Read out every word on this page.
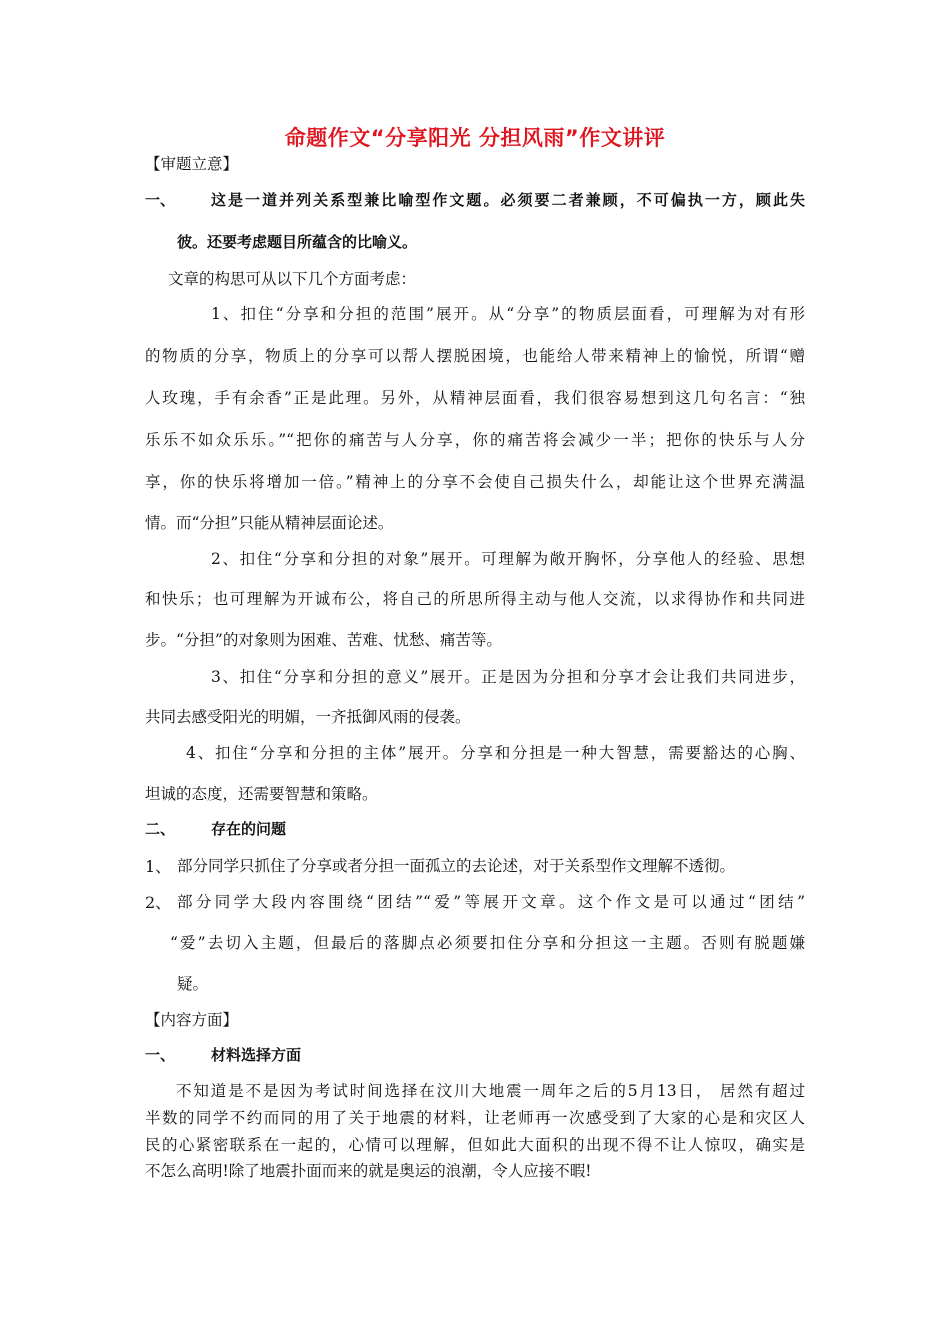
命题作文“分享阳光 分担风雨”作文讲评
【审题立意】
一、 这是一道并列关系型兼比喻型作文题。必须要二者兼顾，不可偏执一方，顾此失
彼。还要考虑题目所蕴含的比喻义。
文章的构思可从以下几个方面考虑：
1、扣住“分享和分担的范围”展开。从“分享”的物质层面看，可理解为对有形
的物质的分享，物质上的分享可以帮人摆脱困境，也能给人带来精神上的愉悦，所谓“赠
人玫瑰，手有余香”正是此理。另外，从精神层面看，我们很容易想到这几句名言：“独
乐乐不如众乐乐。”“把你的痛苦与人分享，你的痛苦将会减少一半；把你的快乐与人分
享，你的快乐将增加一倍。”精神上的分享不会使自己损失什么，却能让这个世界充满温
情。而“分担”只能从精神层面论述。
2、扣住“分享和分担的对象”展开。可理解为敞开胸怀，分享他人的经验、思想
和快乐；也可理解为开诚布公，将自己的所思所得主动与他人交流，以求得协作和共同进
步。“分担”的对象则为困难、苦难、忧愁、痛苦等。
3、扣住“分享和分担的意义”展开。正是因为分担和分享才会让我们共同进步，
共同去感受阳光的明媚，一齐抵御风雨的侵袭。
4、扣住“分享和分担的主体”展开。分享和分担是一种大智慧，需要豁达的心胸、
坦诚的态度，还需要智慧和策略。
二、 存在的问题
1、 部分同学只抓住了分享或者分担一面孤立的去论述，对于关系型作文理解不透彻。
2、 部分同学大段内容围绕“团结”“爱”等展开文章。这个作文是可以通过“团结”
“爱”去切入主题，但最后的落脚点必须要扣住分享和分担这一主题。否则有脱题嫌
疑。
【内容方面】
一、 材料选择方面
不知道是不是因为考试时间选择在汶川大地震一周年之后的5月13日， 居然有超过
半数的同学不约而同的用了关于地震的材料，让老师再一次感受到了大家的心是和灾区人
民的心紧密联系在一起的，心情可以理解，但如此大面积的出现不得不让人惊叹，确实是
不怎么高明!除了地震扑面而来的就是奥运的浪潮，令人应接不暇!
